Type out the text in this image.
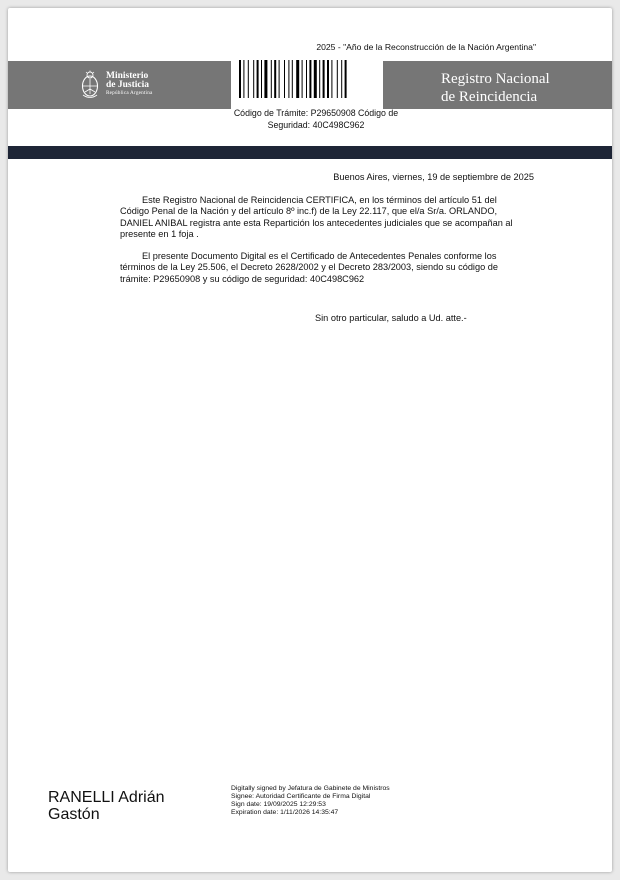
2025 - "Año de la Reconstrucción de la Nación Argentina"
Ministerio
de Justicia
República Argentina
Registro Nacional
de Reincidencia
Código de Trámite: P29650908 Código de
Seguridad: 40C498C962
Buenos Aires, viernes, 19 de septiembre de 2025
Este Registro Nacional de Reincidencia CERTIFICA, en los términos del artículo 51 del
Código Penal de la Nación y del artículo 8º inc.f) de la Ley 22.117, que el/a Sr/a. ORLANDO,
DANIEL ANIBAL registra ante esta Repartición los antecedentes judiciales que se acompañan al
presente en 1 foja .
El presente Documento Digital es el Certificado de Antecedentes Penales conforme los
términos de la Ley 25.506, el Decreto 2628/2002 y el Decreto 283/2003, siendo su código de
trámite: P29650908 y su código de seguridad: 40C498C962
Sin otro particular, saludo a Ud. atte.-
RANELLI Adrián
Gastón
Digitally signed by Jefatura de Gabinete de Ministros
Signee: Autoridad Certificante de Firma Digital
Sign date: 19/09/2025 12:29:53
Expiration date: 1/11/2026 14:35:47
